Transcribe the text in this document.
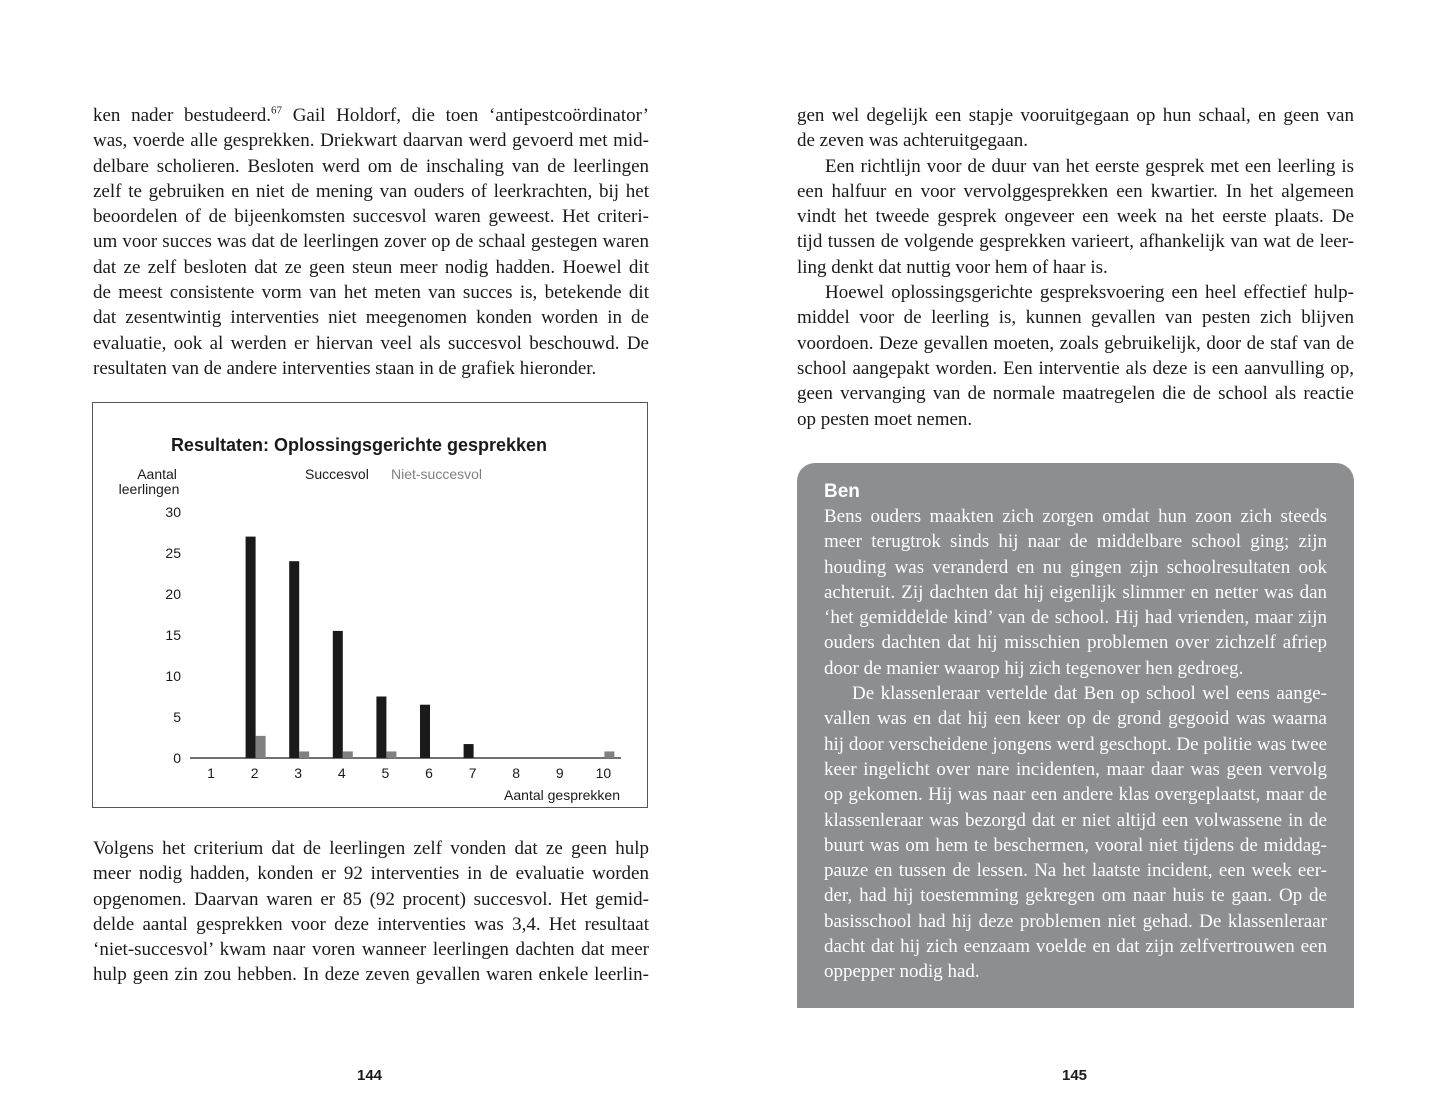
ken nader bestudeerd.$^{67}$ Gail Holdorf, die toen ‘antipestcoördinator’
was, voerde alle gesprekken. Driekwart daarvan werd gevoerd met mid-
delbare scholieren. Besloten werd om de inschaling van de leerlingen
zelf te gebruiken en niet de mening van ouders of leerkrachten, bij het
beoordelen of de bijeenkomsten succesvol waren geweest. Het criteri-
um voor succes was dat de leerlingen zover op de schaal gestegen waren
dat ze zelf besloten dat ze geen steun meer nodig hadden. Hoewel dit
de meest consistente vorm van het meten van succes is, betekende dit
dat zesentwintig interventies niet meegenomen konden worden in de
evaluatie, ook al werden er hiervan veel als succesvol beschouwd. De
resultaten van de andere interventies staan in de grafiek hieronder.

Resultaten: Oplossingsgerichte gesprekken
Aantal leerlingen
Succesvol Niet-succesvol
Aantal gesprekken
30
25
20
15
10
5
0
1	2	3	4	5	6	7	8	9 10

Volgens het criterium dat de leerlingen zelf vonden dat ze geen hulp
meer nodig hadden, konden er 92 interventies in de evaluatie worden
opgenomen. Daarvan waren er 85 (92 procent) succesvol. Het gemid-
delde aantal gesprekken voor deze interventies was 3,4. Het resultaat
‘niet-succesvol’ kwam naar voren wanneer leerlingen dachten dat meer
hulp geen zin zou hebben. In deze zeven gevallen waren enkele leerlin-

144

gen wel degelijk een stapje vooruitgegaan op hun schaal, en geen van
de zeven was achteruitgegaan.
Een richtlijn voor de duur van het eerste gesprek met een leerling is
een halfuur en voor vervolggesprekken een kwartier. In het algemeen
vindt het tweede gesprek ongeveer een week na het eerste plaats. De
tijd tussen de volgende gesprekken varieert, afhankelijk van wat de leer-
ling denkt dat nuttig voor hem of haar is.
Hoewel oplossingsgerichte gespreksvoering een heel effectief hulp-
middel voor de leerling is, kunnen gevallen van pesten zich blijven
voordoen. Deze gevallen moeten, zoals gebruikelijk, door de staf van de
school aangepakt worden. Een interventie als deze is een aanvulling op,
geen vervanging van de normale maatregelen die de school als reactie
op pesten moet nemen.

Ben

Bens ouders maakten zich zorgen omdat hun zoon zich steeds
meer terugtrok sinds hij naar de middelbare school ging; zijn
houding was veranderd en nu gingen zijn schoolresultaten ook
achteruit. Zij dachten dat hij eigenlijk slimmer en netter was dan
‘het gemiddelde kind’ van de school. Hij had vrienden, maar zijn
ouders dachten dat hij misschien problemen over zichzelf afriep
door de manier waarop hij zich tegenover hen gedroeg.
De klassenleraar vertelde dat Ben op school wel eens aange-
vallen was en dat hij een keer op de grond gegooid was waarna
hij door verscheidene jongens werd geschopt. De politie was twee
keer ingelicht over nare incidenten, maar daar was geen vervolg
op gekomen. Hij was naar een andere klas overgeplaatst, maar de
klassenleraar was bezorgd dat er niet altijd een volwassene in de
buurt was om hem te beschermen, vooral niet tijdens de middag-
pauze en tussen de lessen. Na het laatste incident, een week eer-
der, had hij toestemming gekregen om naar huis te gaan. Op de
basisschool had hij deze problemen niet gehad. De klassenleraar
dacht dat hij zich eenzaam voelde en dat zijn zelfvertrouwen een
oppepper nodig had.

145
